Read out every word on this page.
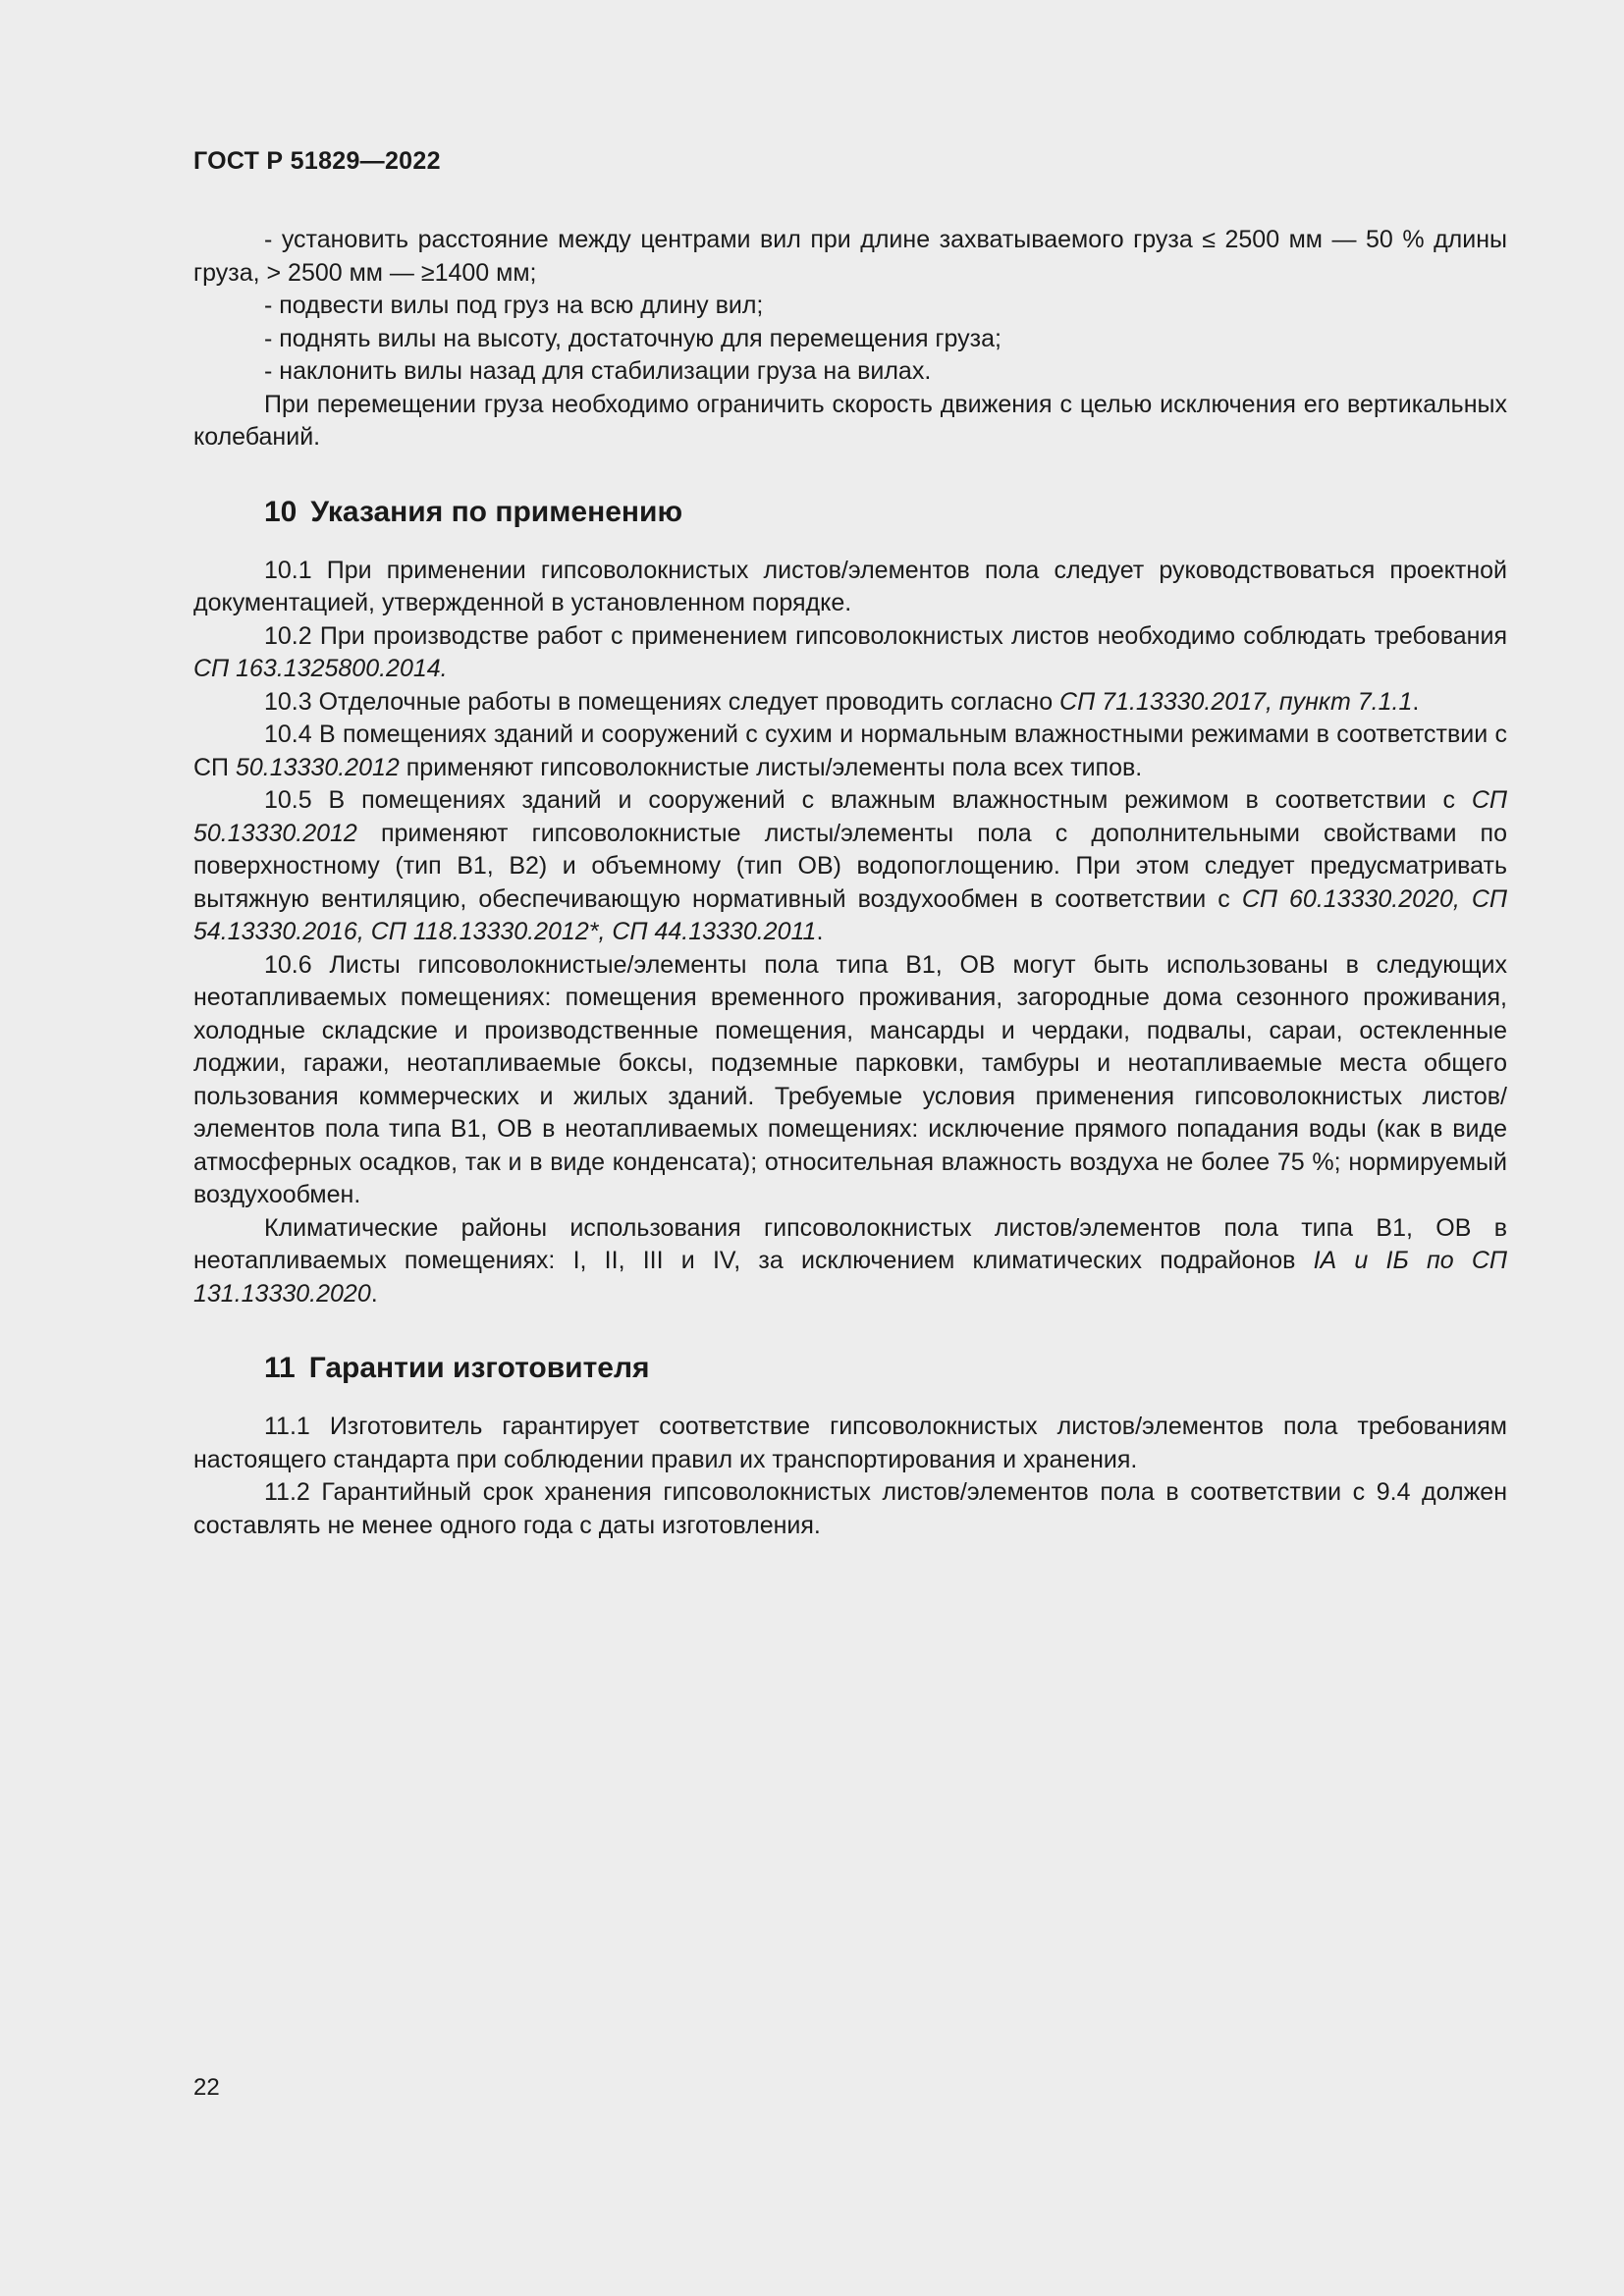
ГОСТ Р 51829—2022

- установить расстояние между центрами вил при длине захватываемого груза ≤ 2500 мм — 50 % длины груза, > 2500 мм — ≥1400 мм;

- подвести вилы под груз на всю длину вил;

- поднять вилы на высоту, достаточную для перемещения груза;

- наклонить вилы назад для стабилизации груза на вилах.

При перемещении груза необходимо ограничить скорость движения с целью исключения его вертикальных колебаний.

10 Указания по применению

10.1 При применении гипсоволокнистых листов/элементов пола следует руководствоваться проектной документацией, утвержденной в установленном порядке.

10.2 При производстве работ с применением гипсоволокнистых листов необходимо соблюдать требования СП 163.1325800.2014.

10.3 Отделочные работы в помещениях следует проводить согласно СП 71.13330.2017, пункт 7.1.1.

10.4 В помещениях зданий и сооружений с сухим и нормальным влажностными режимами в соответствии с СП 50.13330.2012 применяют гипсоволокнистые листы/элементы пола всех типов.

10.5 В помещениях зданий и сооружений с влажным влажностным режимом в соответствии с СП 50.13330.2012 применяют гипсоволокнистые листы/элементы пола с дополнительными свойствами по поверхностному (тип В1, В2) и объемному (тип ОВ) водопоглощению. При этом следует предусматривать вытяжную вентиляцию, обеспечивающую нормативный воздухообмен в соответствии с СП 60.13330.2020, СП 54.13330.2016, СП 118.13330.2012*, СП 44.13330.2011.

10.6 Листы гипсоволокнистые/элементы пола типа В1, ОВ могут быть использованы в следующих неотапливаемых помещениях: помещения временного проживания, загородные дома сезонного проживания, холодные складские и производственные помещения, мансарды и чердаки, подвалы, сараи, остекленные лоджии, гаражи, неотапливаемые боксы, подземные парковки, тамбуры и неотапливаемые места общего пользования коммерческих и жилых зданий. Требуемые условия применения гипсоволокнистых листов/элементов пола типа В1, ОВ в неотапливаемых помещениях: исключение прямого попадания воды (как в виде атмосферных осадков, так и в виде конденсата); относительная влажность воздуха не более 75 %; нормируемый воздухообмен.

Климатические районы использования гипсоволокнистых листов/элементов пола типа В1, ОВ в неотапливаемых помещениях: I, II, III и IV, за исключением климатических подрайонов IА и IБ по СП 131.13330.2020.

11 Гарантии изготовителя

11.1 Изготовитель гарантирует соответствие гипсоволокнистых листов/элементов пола требованиям настоящего стандарта при соблюдении правил их транспортирования и хранения.

11.2 Гарантийный срок хранения гипсоволокнистых листов/элементов пола в соответствии с 9.4 должен составлять не менее одного года с даты изготовления.

22
